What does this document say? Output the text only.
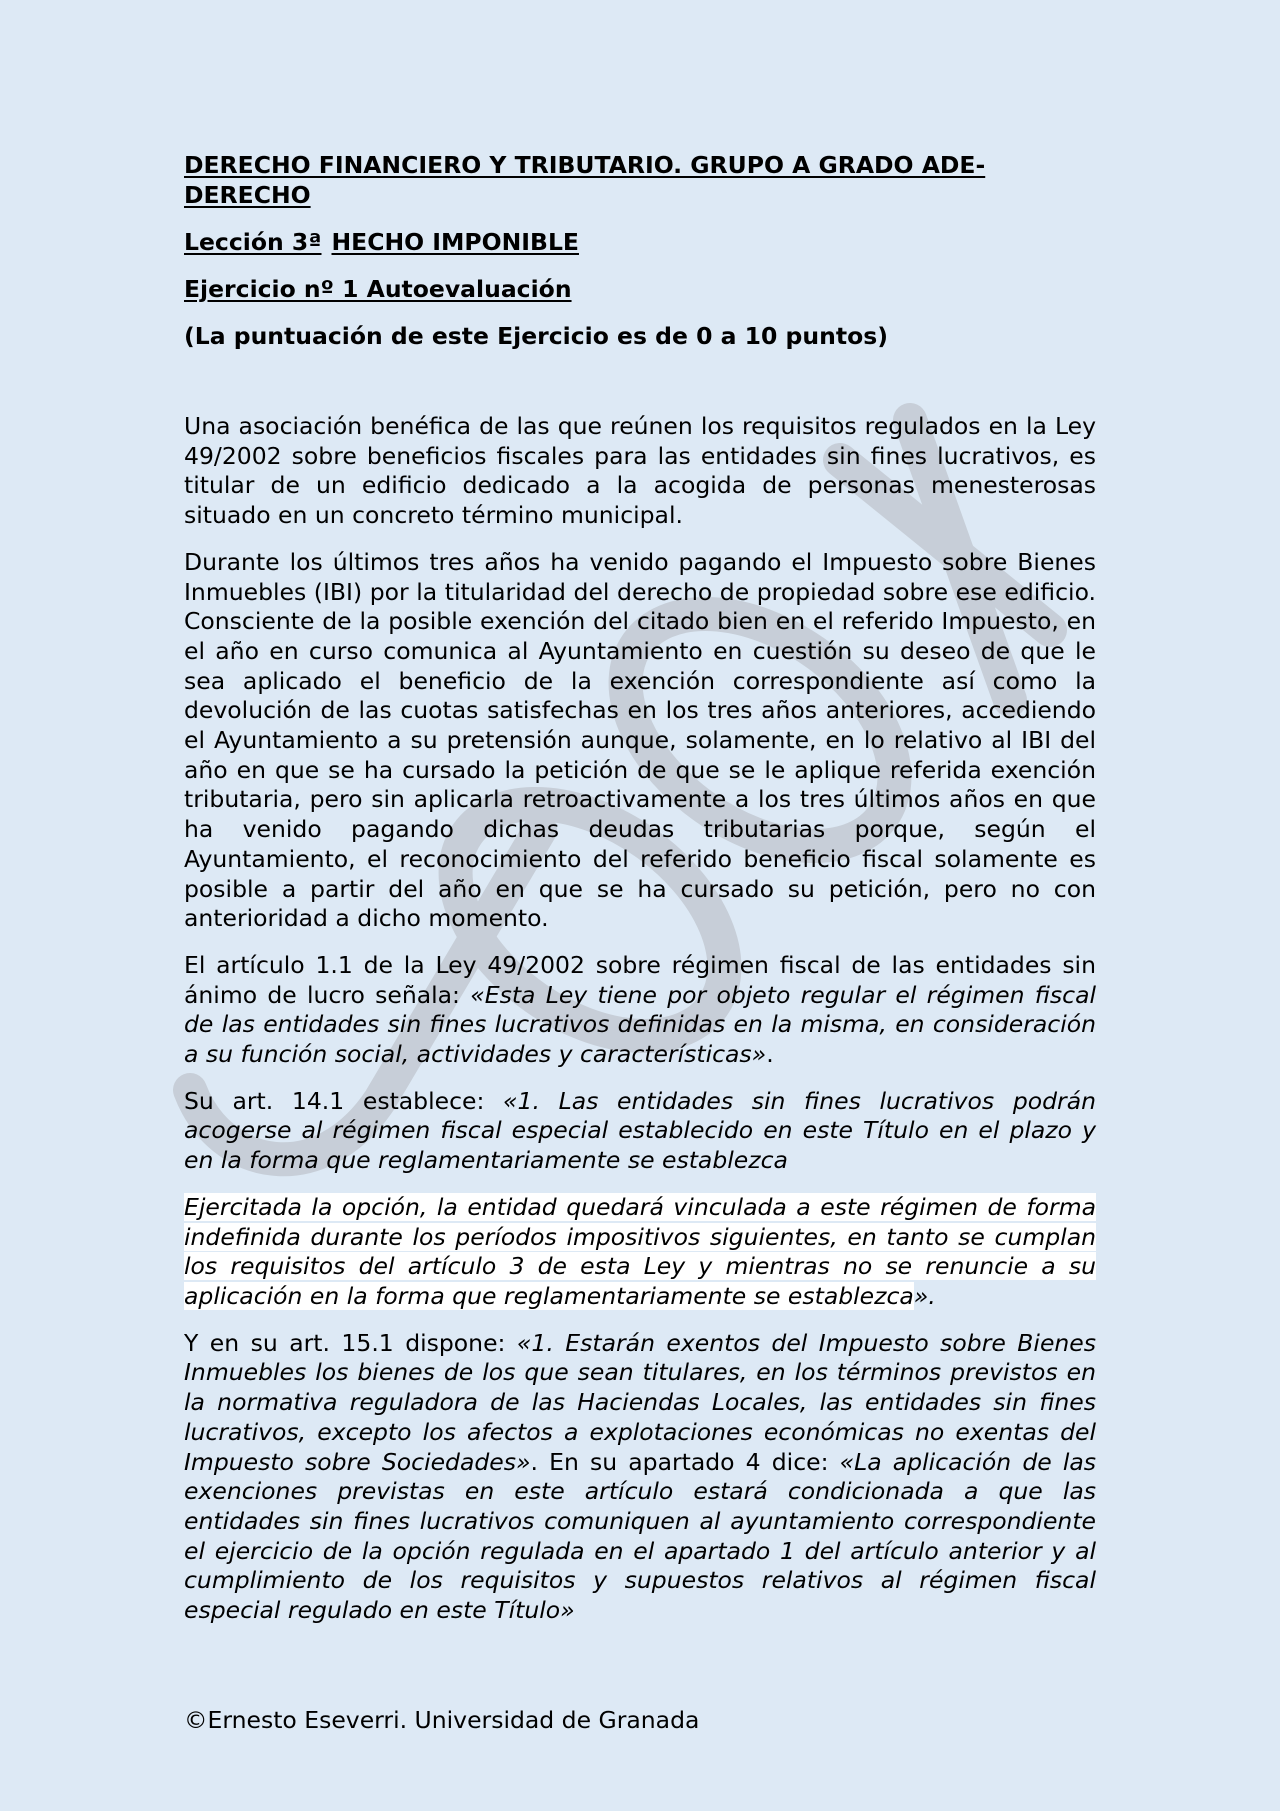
DERECHO FINANCIERO Y TRIBUTARIO. GRUPO A GRADO ADE-DERECHO
Lección 3ª HECHO IMPONIBLE
Ejercicio nº 1 Autoevaluación
(La puntuación de este Ejercicio es de 0 a 10 puntos)

Una asociación benéfica de las que reúnen los requisitos regulados en la Ley 49/2002 sobre beneficios fiscales para las entidades sin fines lucrativos, es titular de un edificio dedicado a la acogida de personas menesterosas situado en un concreto término municipal.

Durante los últimos tres años ha venido pagando el Impuesto sobre Bienes Inmuebles (IBI) por la titularidad del derecho de propiedad sobre ese edificio. Consciente de la posible exención del citado bien en el referido Impuesto, en el año en curso comunica al Ayuntamiento en cuestión su deseo de que le sea aplicado el beneficio de la exención correspondiente así como la devolución de las cuotas satisfechas en los tres años anteriores, accediendo el Ayuntamiento a su pretensión aunque, solamente, en lo relativo al IBI del año en que se ha cursado la petición de que se le aplique referida exención tributaria, pero sin aplicarla retroactivamente a los tres últimos años en que ha venido pagando dichas deudas tributarias porque, según el Ayuntamiento, el reconocimiento del referido beneficio fiscal solamente es posible a partir del año en que se ha cursado su petición, pero no con anterioridad a dicho momento.

El artículo 1.1 de la Ley 49/2002 sobre régimen fiscal de las entidades sin ánimo de lucro señala: «Esta Ley tiene por objeto regular el régimen fiscal de las entidades sin fines lucrativos definidas en la misma, en consideración a su función social, actividades y características».

Su art. 14.1 establece: «1. Las entidades sin fines lucrativos podrán acogerse al régimen fiscal especial establecido en este Título en el plazo y en la forma que reglamentariamente se establezca

Ejercitada la opción, la entidad quedará vinculada a este régimen de forma indefinida durante los períodos impositivos siguientes, en tanto se cumplan los requisitos del artículo 3 de esta Ley y mientras no se renuncie a su aplicación en la forma que reglamentariamente se establezca».

Y en su art. 15.1 dispone: «1. Estarán exentos del Impuesto sobre Bienes Inmuebles los bienes de los que sean titulares, en los términos previstos en la normativa reguladora de las Haciendas Locales, las entidades sin fines lucrativos, excepto los afectos a explotaciones económicas no exentas del Impuesto sobre Sociedades». En su apartado 4 dice: «La aplicación de las exenciones previstas en este artículo estará condicionada a que las entidades sin fines lucrativos comuniquen al ayuntamiento correspondiente el ejercicio de la opción regulada en el apartado 1 del artículo anterior y al cumplimiento de los requisitos y supuestos relativos al régimen fiscal especial regulado en este Título»

©Ernesto Eseverri. Universidad de Granada
